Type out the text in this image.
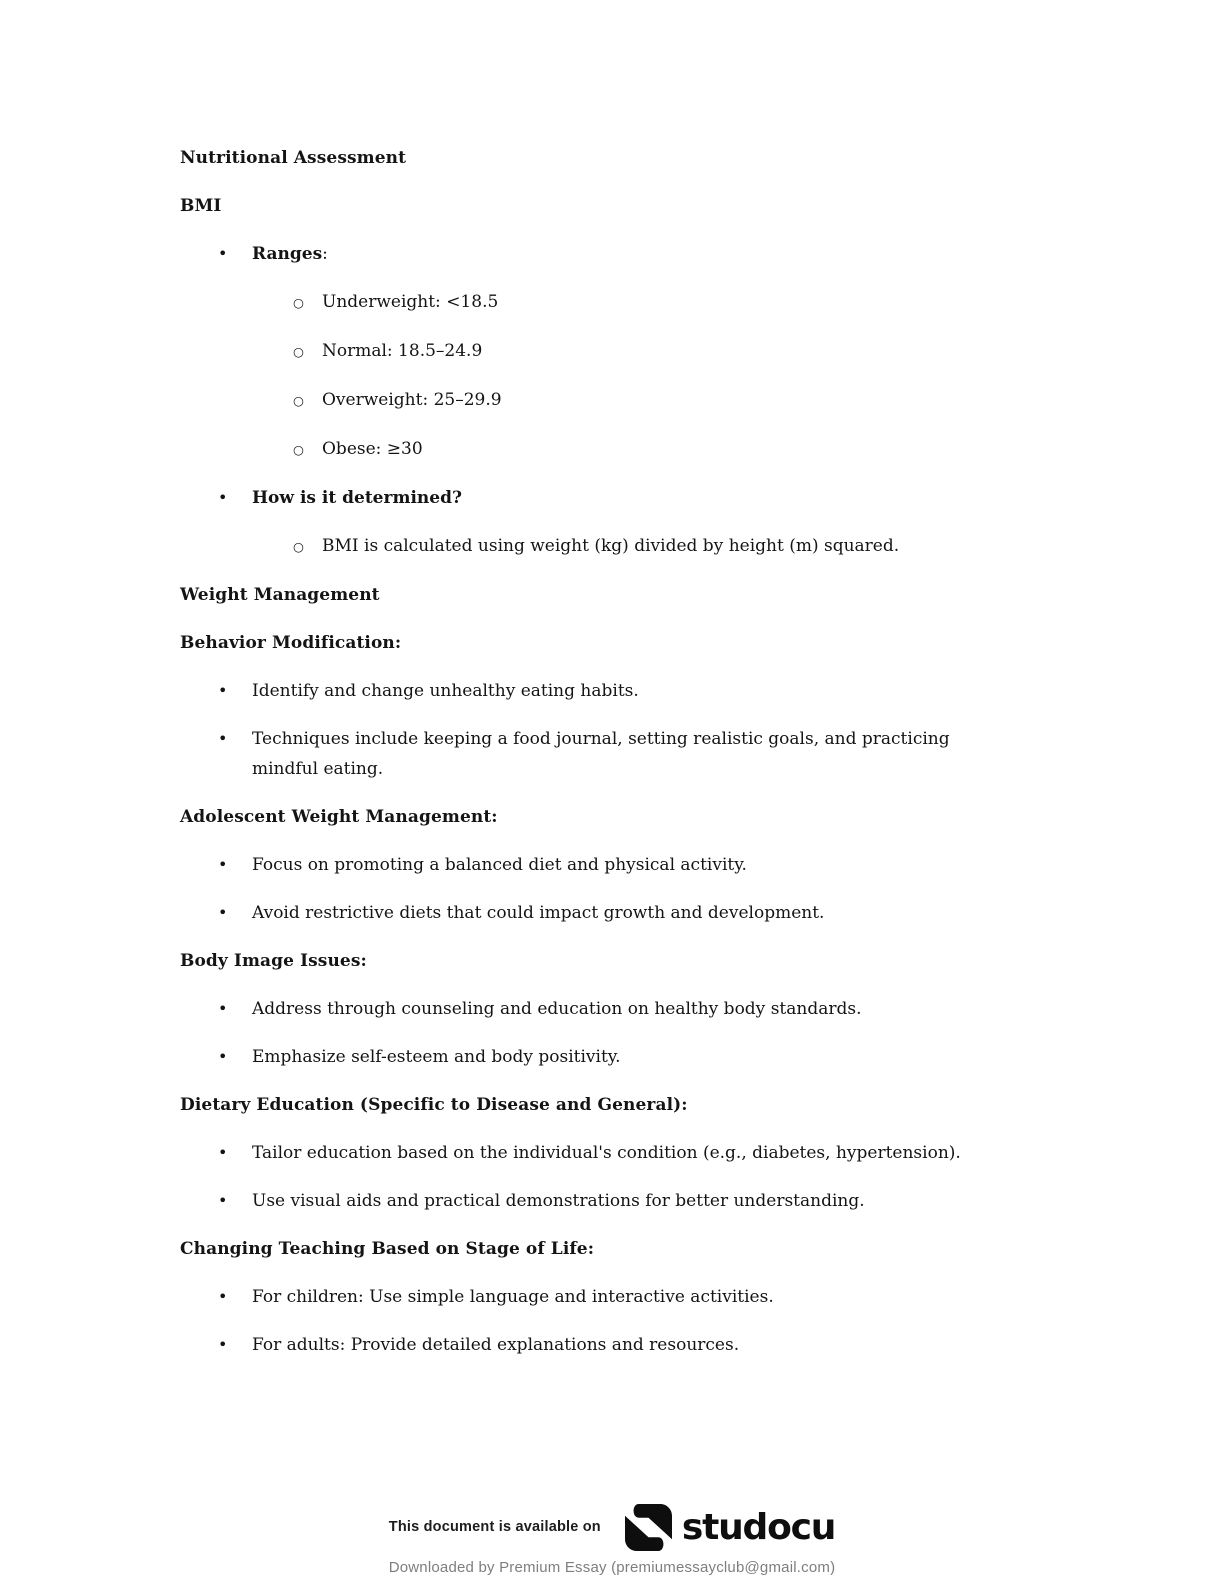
Nutritional Assessment
BMI
•	Ranges:
○	Underweight: <18.5
○	Normal: 18.5–24.9
○	Overweight: 25–29.9
○	Obese: ≥30
•	How is it determined?
○	BMI is calculated using weight (kg) divided by height (m) squared.
Weight Management
Behavior Modification:
•	Identify and change unhealthy eating habits.
•	Techniques include keeping a food journal, setting realistic goals, and practicing mindful eating.
Adolescent Weight Management:
•	Focus on promoting a balanced diet and physical activity.
•	Avoid restrictive diets that could impact growth and development.
Body Image Issues:
•	Address through counseling and education on healthy body standards.
•	Emphasize self-esteem and body positivity.
Dietary Education (Specific to Disease and General):
•	Tailor education based on the individual's condition (e.g., diabetes, hypertension).
•	Use visual aids and practical demonstrations for better understanding.
Changing Teaching Based on Stage of Life:
•	For children: Use simple language and interactive activities.
•	For adults: Provide detailed explanations and resources.
This document is available on studocu
Downloaded by Premium Essay (premiumessayclub@gmail.com)
